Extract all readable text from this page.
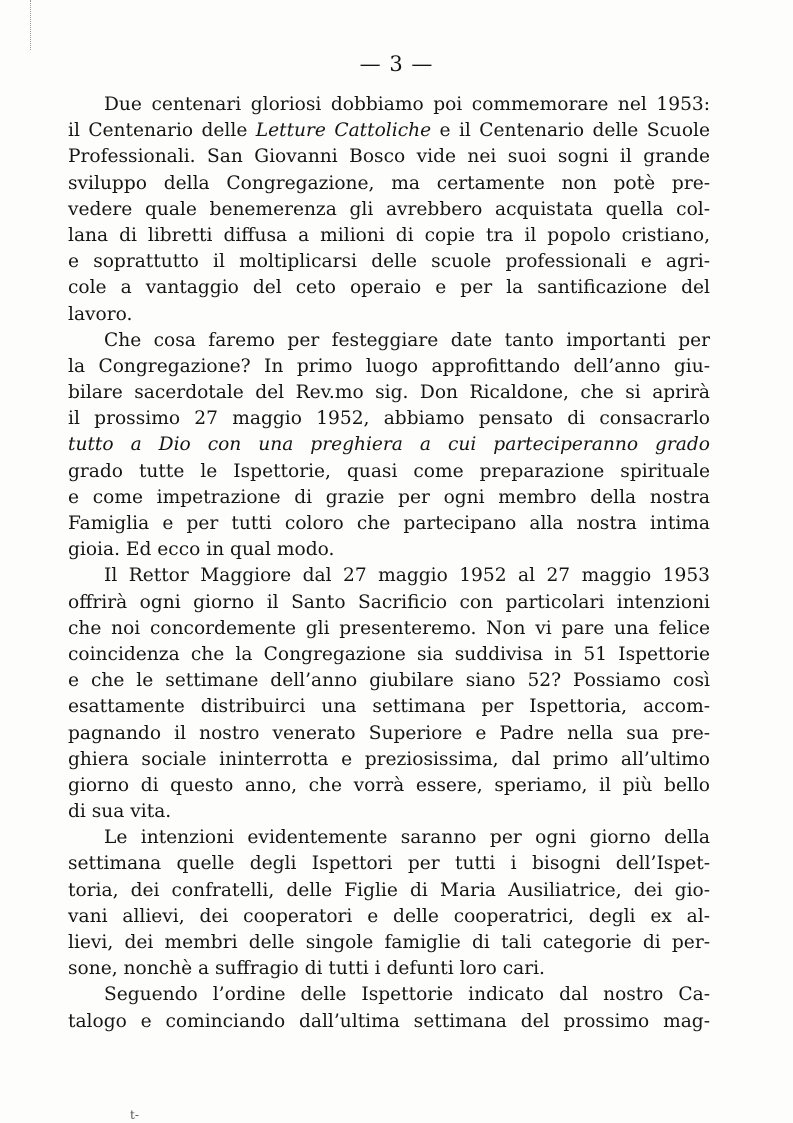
— 3 —
Due centenari gloriosi dobbiamo poi commemorare nel 1953:
il Centenario delle Letture Cattoliche e il Centenario delle Scuole
Professionali. San Giovanni Bosco vide nei suoi sogni il grande
sviluppo della Congregazione, ma certamente non potè pre-
vedere quale benemerenza gli avrebbero acquistata quella col-
lana di libretti diffusa a milioni di copie tra il popolo cristiano,
e soprattutto il moltiplicarsi delle scuole professionali e agri-
cole a vantaggio del ceto operaio e per la santificazione del
lavoro.
Che cosa faremo per festeggiare date tanto importanti per
la Congregazione? In primo luogo approfittando dell’anno giu-
bilare sacerdotale del Rev.mo sig. Don Ricaldone, che si aprirà
il prossimo 27 maggio 1952, abbiamo pensato di consacrarlo
tutto a Dio con una preghiera a cui parteciperanno grado
grado tutte le Ispettorie, quasi come preparazione spirituale
e come impetrazione di grazie per ogni membro della nostra
Famiglia e per tutti coloro che partecipano alla nostra intima
gioia. Ed ecco in qual modo.
Il Rettor Maggiore dal 27 maggio 1952 al 27 maggio 1953
offrirà ogni giorno il Santo Sacrificio con particolari intenzioni
che noi concordemente gli presenteremo. Non vi pare una felice
coincidenza che la Congregazione sia suddivisa in 51 Ispettorie
e che le settimane dell’anno giubilare siano 52? Possiamo così
esattamente distribuirci una settimana per Ispettoria, accom-
pagnando il nostro venerato Superiore e Padre nella sua pre-
ghiera sociale ininterrotta e preziosissima, dal primo all’ultimo
giorno di questo anno, che vorrà essere, speriamo, il più bello
di sua vita.
Le intenzioni evidentemente saranno per ogni giorno della
settimana quelle degli Ispettori per tutti i bisogni dell’Ispet-
toria, dei confratelli, delle Figlie di Maria Ausiliatrice, dei gio-
vani allievi, dei cooperatori e delle cooperatrici, degli ex al-
lievi, dei membri delle singole famiglie di tali categorie di per-
sone, nonchè a suffragio di tutti i defunti loro cari.
Seguendo l’ordine delle Ispettorie indicato dal nostro Ca-
talogo e cominciando dall’ultima settimana del prossimo mag-
t-
